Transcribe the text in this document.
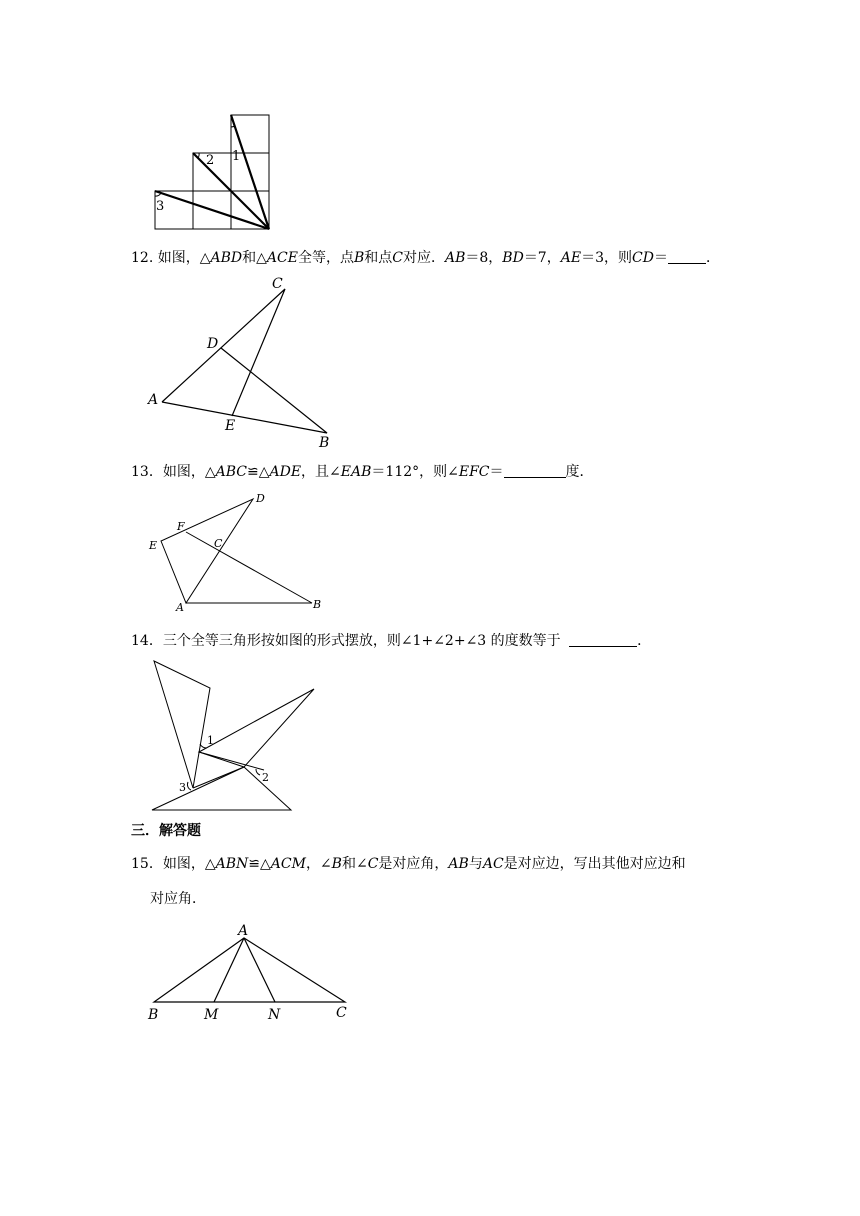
1
2
3
12. 如图，△ABD和△ACE全等，点B和点C对应．AB＝8，BD＝7，AE＝3，则CD＝	．
C
D
A
E
B
13．如图，△ABC≌△ADE，且∠EAB＝112°，则∠EFC＝	度．
D
F
C
E
A	B
14．三个全等三角形按如图的形式摆放，则∠1+∠2+∠3 的度数等于	．
1
2
3
三．解答题
15．如图，△ABN≌△ACM，∠B和∠C是对应角，AB与AC是对应边，写出其他对应边和
对应角．
A
B	M	N	C
